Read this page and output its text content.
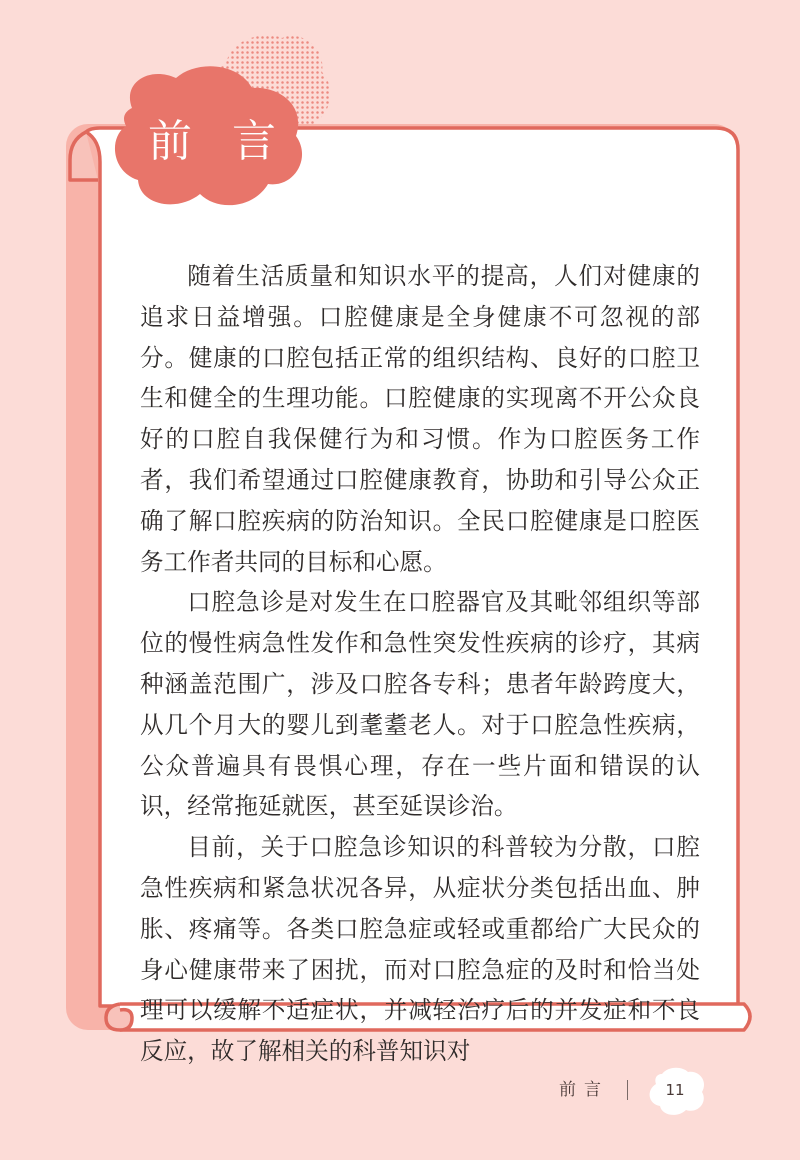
前言

随着生活质量和知识水平的提高，人们对健康的追求日益增强。口腔健康是全身健康不可忽视的部分。健康的口腔包括正常的组织结构、良好的口腔卫生和健全的生理功能。口腔健康的实现离不开公众良好的口腔自我保健行为和习惯。作为口腔医务工作者，我们希望通过口腔健康教育，协助和引导公众正确了解口腔疾病的防治知识。全民口腔健康是口腔医务工作者共同的目标和心愿。

口腔急诊是对发生在口腔器官及其毗邻组织等部位的慢性病急性发作和急性突发性疾病的诊疗，其病种涵盖范围广，涉及口腔各专科；患者年龄跨度大，从几个月大的婴儿到耄耋老人。对于口腔急性疾病，公众普遍具有畏惧心理，存在一些片面和错误的认识，经常拖延就医，甚至延误诊治。

目前，关于口腔急诊知识的科普较为分散，口腔急性疾病和紧急状况各异，从症状分类包括出血、肿胀、疼痛等。各类口腔急症或轻或重都给广大民众的身心健康带来了困扰，而对口腔急症的及时和恰当处理可以缓解不适症状，并减轻治疗后的并发症和不良反应，故了解相关的科普知识对

前言	11
